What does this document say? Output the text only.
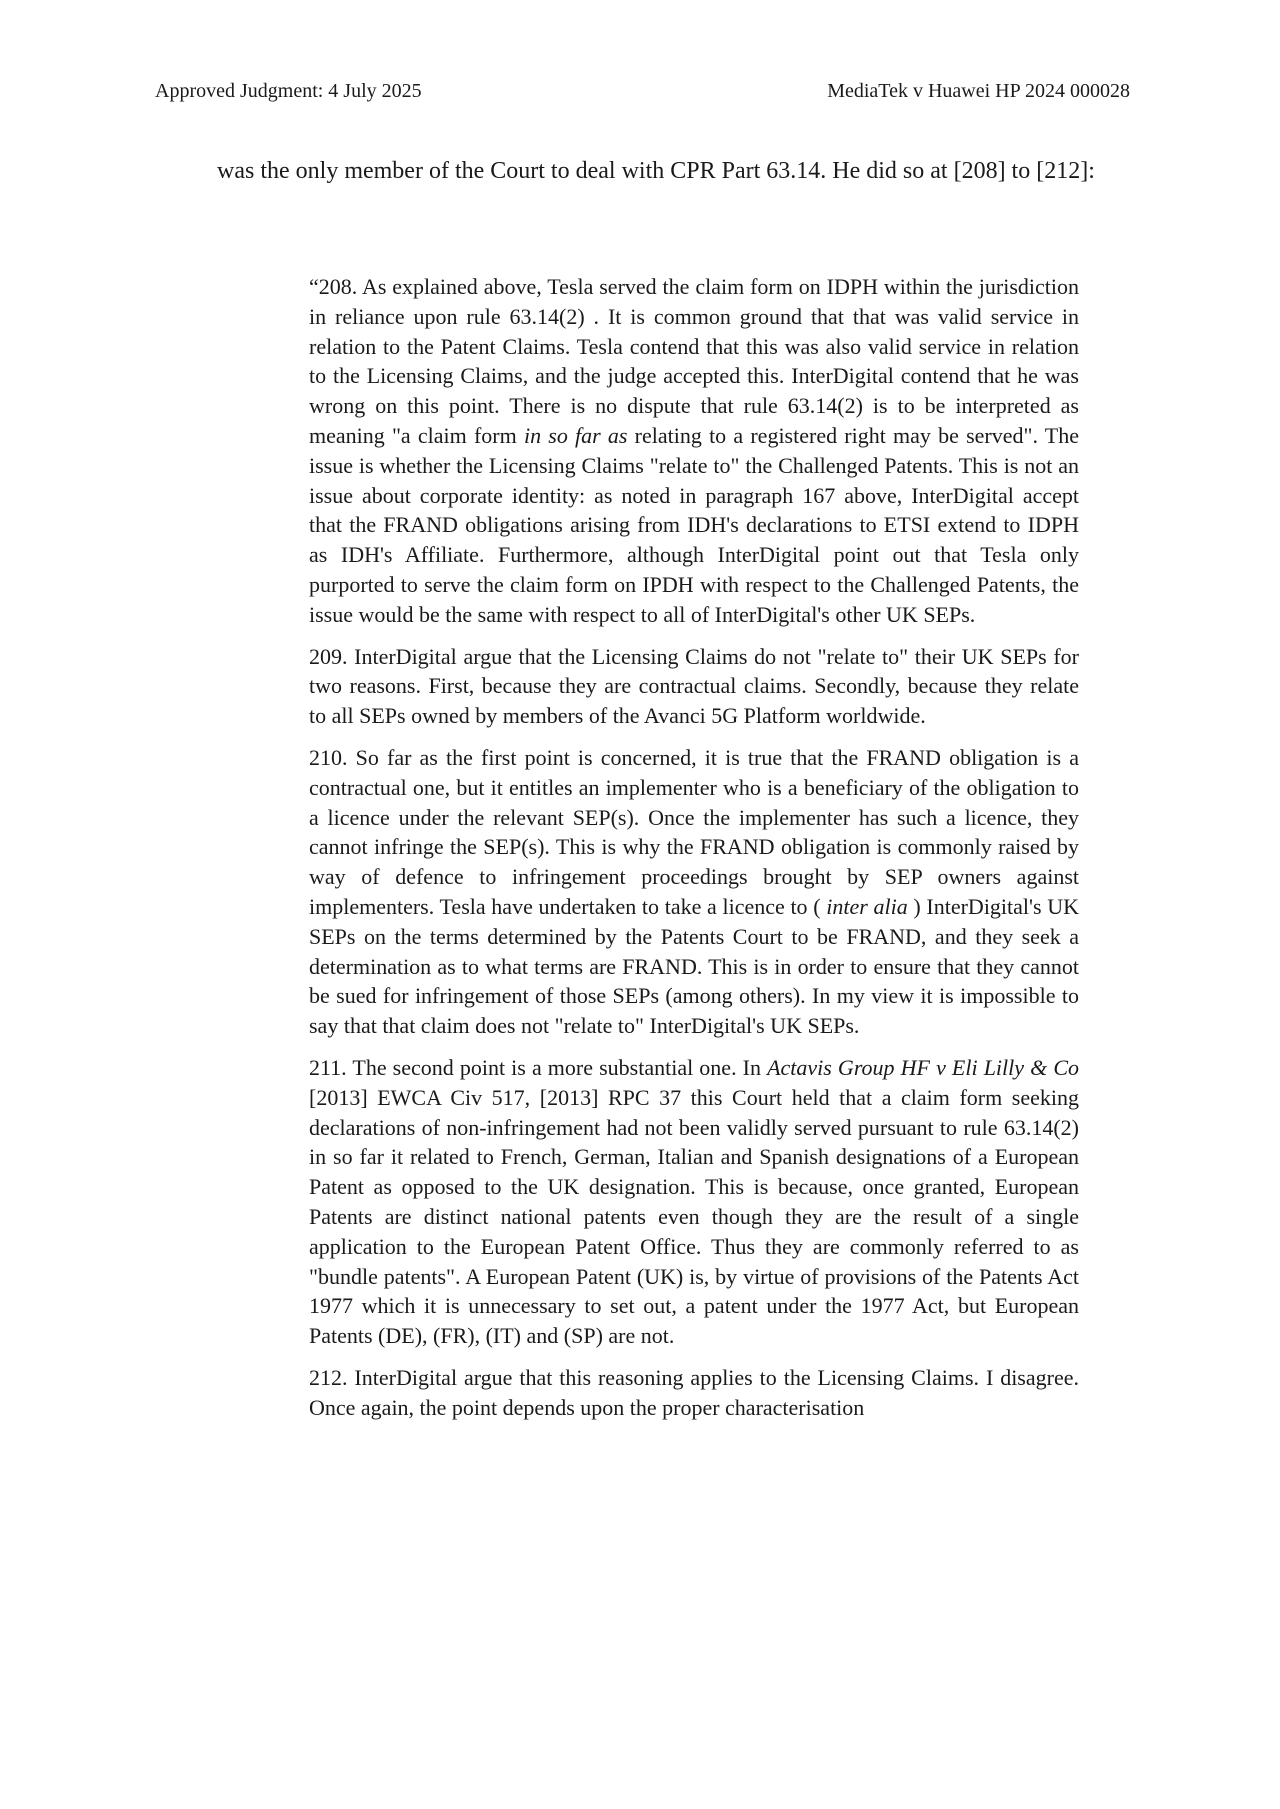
Approved Judgment: 4 July 2025	MediaTek v Huawei HP 2024 000028

was the only member of the Court to deal with CPR Part 63.14. He did so at [208] to [212]:

“208. As explained above, Tesla served the claim form on IDPH within the jurisdiction in reliance upon rule 63.14(2) . It is common ground that that was valid service in relation to the Patent Claims. Tesla contend that this was also valid service in relation to the Licensing Claims, and the judge accepted this. InterDigital contend that he was wrong on this point. There is no dispute that rule 63.14(2) is to be interpreted as meaning "a claim form in so far as relating to a registered right may be served". The issue is whether the Licensing Claims "relate to" the Challenged Patents. This is not an issue about corporate identity: as noted in paragraph 167 above, InterDigital accept that the FRAND obligations arising from IDH's declarations to ETSI extend to IDPH as IDH's Affiliate. Furthermore, although InterDigital point out that Tesla only purported to serve the claim form on IPDH with respect to the Challenged Patents, the issue would be the same with respect to all of InterDigital's other UK SEPs.

209. InterDigital argue that the Licensing Claims do not "relate to" their UK SEPs for two reasons. First, because they are contractual claims. Secondly, because they relate to all SEPs owned by members of the Avanci 5G Platform worldwide.

210. So far as the first point is concerned, it is true that the FRAND obligation is a contractual one, but it entitles an implementer who is a beneficiary of the obligation to a licence under the relevant SEP(s). Once the implementer has such a licence, they cannot infringe the SEP(s). This is why the FRAND obligation is commonly raised by way of defence to infringement proceedings brought by SEP owners against implementers. Tesla have undertaken to take a licence to ( inter alia ) InterDigital's UK SEPs on the terms determined by the Patents Court to be FRAND, and they seek a determination as to what terms are FRAND. This is in order to ensure that they cannot be sued for infringement of those SEPs (among others). In my view it is impossible to say that that claim does not "relate to" InterDigital's UK SEPs.

211. The second point is a more substantial one. In Actavis Group HF v Eli Lilly & Co [2013] EWCA Civ 517, [2013] RPC 37 this Court held that a claim form seeking declarations of non-infringement had not been validly served pursuant to rule 63.14(2) in so far it related to French, German, Italian and Spanish designations of a European Patent as opposed to the UK designation. This is because, once granted, European Patents are distinct national patents even though they are the result of a single application to the European Patent Office. Thus they are commonly referred to as "bundle patents". A European Patent (UK) is, by virtue of provisions of the Patents Act 1977 which it is unnecessary to set out, a patent under the 1977 Act, but European Patents (DE), (FR), (IT) and (SP) are not.

212. InterDigital argue that this reasoning applies to the Licensing Claims. I disagree. Once again, the point depends upon the proper characterisation
